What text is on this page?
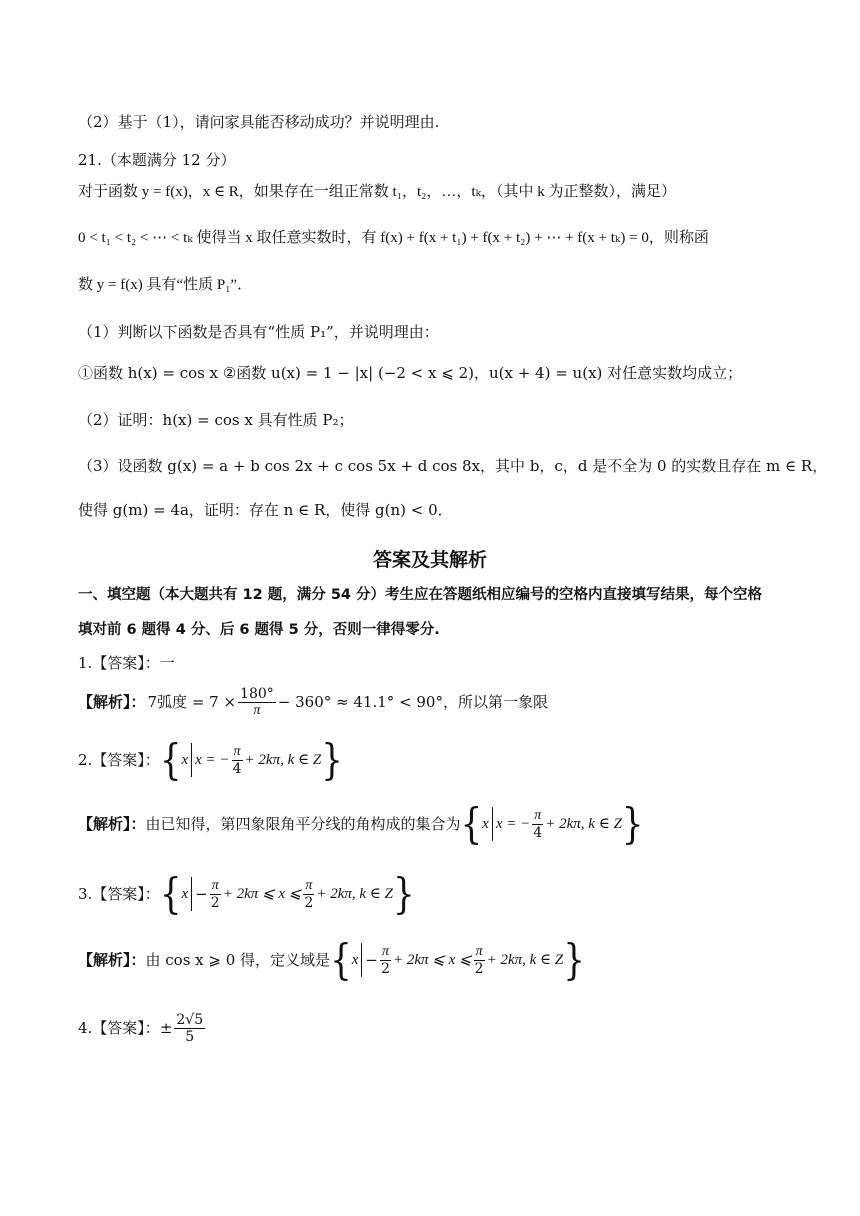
（2）基于（1），请问家具能否移动成功？并说明理由.
21.（本题满分 12 分）
对于函数 y = f(x)，x ∈ R，如果存在一组正常数 t₁，t₂，…，tₖ，（其中 k 为正整数），满足）
0 < t₁ < t₂ < ⋯ < tₖ 使得当 x 取任意实数时，有 f(x) + f(x + t₁) + f(x + t₂) + ⋯ + f(x + tₖ) = 0，则称函
数 y = f(x) 具有“性质 P₁”．
（1）判断以下函数是否具有“性质 P₁”，并说明理由：
①函数 h(x) = cos x ②函数 u(x) = 1 − |x| (−2 < x ⩽ 2)，u(x + 4) = u(x) 对任意实数均成立；
（2）证明：h(x) = cos x 具有性质 P₂；
（3）设函数 g(x) = a + b cos 2x + c cos 5x + d cos 8x，其中 b，c，d 是不全为 0 的实数且存在 m ∈ R，
使得 g(m) = 4a，证明：存在 n ∈ R，使得 g(n) < 0．
答案及其解析
一、填空题（本大题共有 12 题，满分 54 分）考生应在答题纸相应编号的空格内直接填写结果，每个空格
填对前 6 题得 4 分、后 6 题得 5 分，否则一律得零分.
1.【答案】：一
【解析】： 7弧度 = $7 \times \frac{180^\circ}{\pi} - 360^\circ \approx 41.1^\circ < 90^\circ$，所以第一象限
2.【答案】： { x x = − $\frac{\pi}{4} + 2k\pi$, k ∈ Z }
【解析】： 由已知得，第四象限角平分线的角构成的集合为 { x x = − $\frac{\pi}{4} + 2k\pi$, k ∈ Z }
3.【答案】： { $x - \frac{\pi}{2} + 2k\pi$ ⩽ x ⩽ $\frac{\pi}{2} + 2k\pi$, k ∈ Z }
【解析】： 由 cos x ⩾ 0 得，定义域是 { $x - \frac{\pi}{2} + 2k\pi$ ⩽ x ⩽ $\frac{\pi}{2} + 2k\pi$, k ∈ Z }
4.【答案】： ± $\frac{2√5}{5}$
